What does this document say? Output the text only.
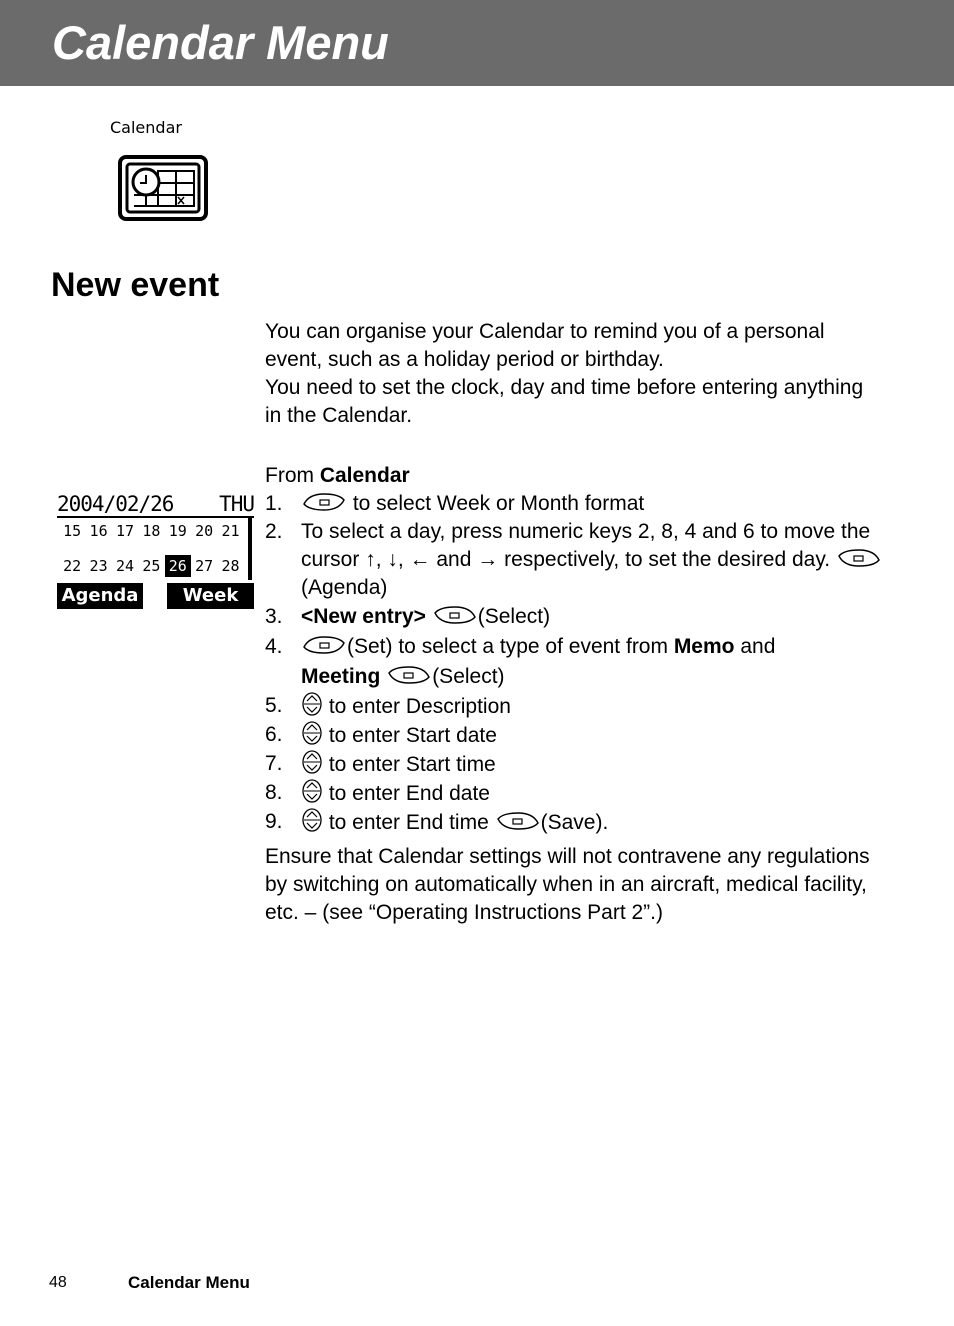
Calendar Menu
Calendar
New event

You can organise your Calendar to remind you of a personal event, such as a holiday period or birthday.

You need to set the clock, day and time before entering anything in the Calendar.

2004/02/26 THU
15 16 17 18 19 20 21
22 23 24 25 26 27 28
Agenda	Week
From Calendar
1.	to select Week or Month format
2. To select a day, press numeric keys 2, 8, 4 and 6 to move the cursor ↑, ↓, ← and → respectively, to set the desired day. (Agenda)
3. <New entry> (Select)
4.	(Set) to select a type of event from Memo and
Meeting (Select)
5. to enter Description
6. to enter Start date
7. to enter Start time
8. to enter End date
9. to enter End time (Save).
Ensure that Calendar settings will not contravene any regulations by switching on automatically when in an aircraft, medical facility, etc. – (see “Operating Instructions Part 2”.)
48	Calendar Menu
